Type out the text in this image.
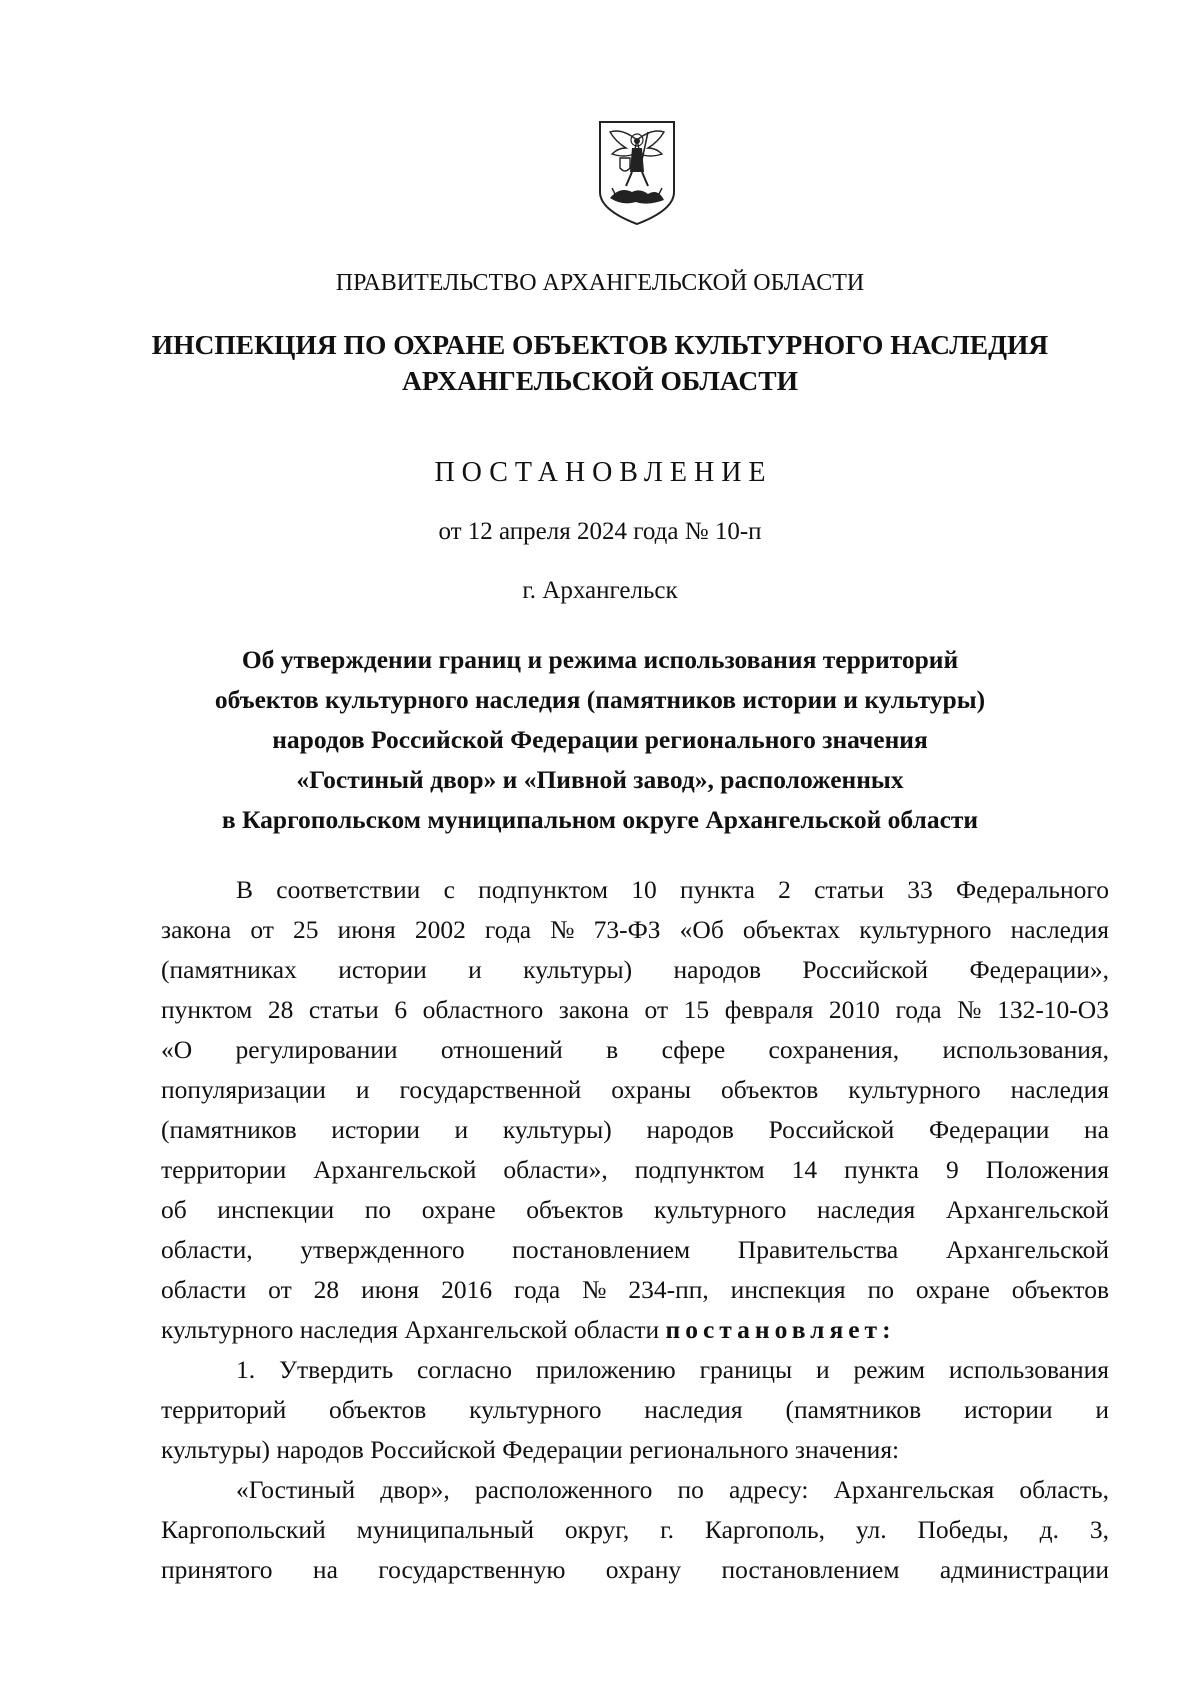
ПРАВИТЕЛЬСТВО АРХАНГЕЛЬСКОЙ ОБЛАСТИ
ИНСПЕКЦИЯ ПО ОХРАНЕ ОБЪЕКТОВ КУЛЬТУРНОГО НАСЛЕДИЯ
АРХАНГЕЛЬСКОЙ ОБЛАСТИ
ПОСТАНОВЛЕНИЕ
от 12 апреля 2024 года № 10-п
г. Архангельск
Об утверждении границ и режима использования территорий
объектов культурного наследия (памятников истории и культуры)
народов Российской Федерации регионального значения
«Гостиный двор» и «Пивной завод», расположенных
в Каргопольском муниципальном округе Архангельской области
В соответствии с подпунктом 10 пункта 2 статьи 33 Федерального
закона от 25 июня 2002 года № 73-ФЗ «Об объектах культурного наследия
(памятниках истории и культуры) народов Российской Федерации»,
пунктом 28 статьи 6 областного закона от 15 февраля 2010 года № 132-10-ОЗ
«О регулировании отношений в сфере сохранения, использования,
популяризации и государственной охраны объектов культурного наследия
(памятников истории и культуры) народов Российской Федерации на
территории Архангельской области», подпунктом 14 пункта 9 Положения
об инспекции по охране объектов культурного наследия Архангельской
области, утвержденного постановлением Правительства Архангельской
области от 28 июня 2016 года № 234-пп, инспекция по охране объектов
культурного наследия Архангельской области постановляет:
1. Утвердить согласно приложению границы и режим использования
территорий объектов культурного наследия (памятников истории и
культуры) народов Российской Федерации регионального значения:
«Гостиный двор», расположенного по адресу: Архангельская область,
Каргопольский муниципальный округ, г. Каргополь, ул. Победы, д. 3,
принятого на государственную охрану постановлением администрации
